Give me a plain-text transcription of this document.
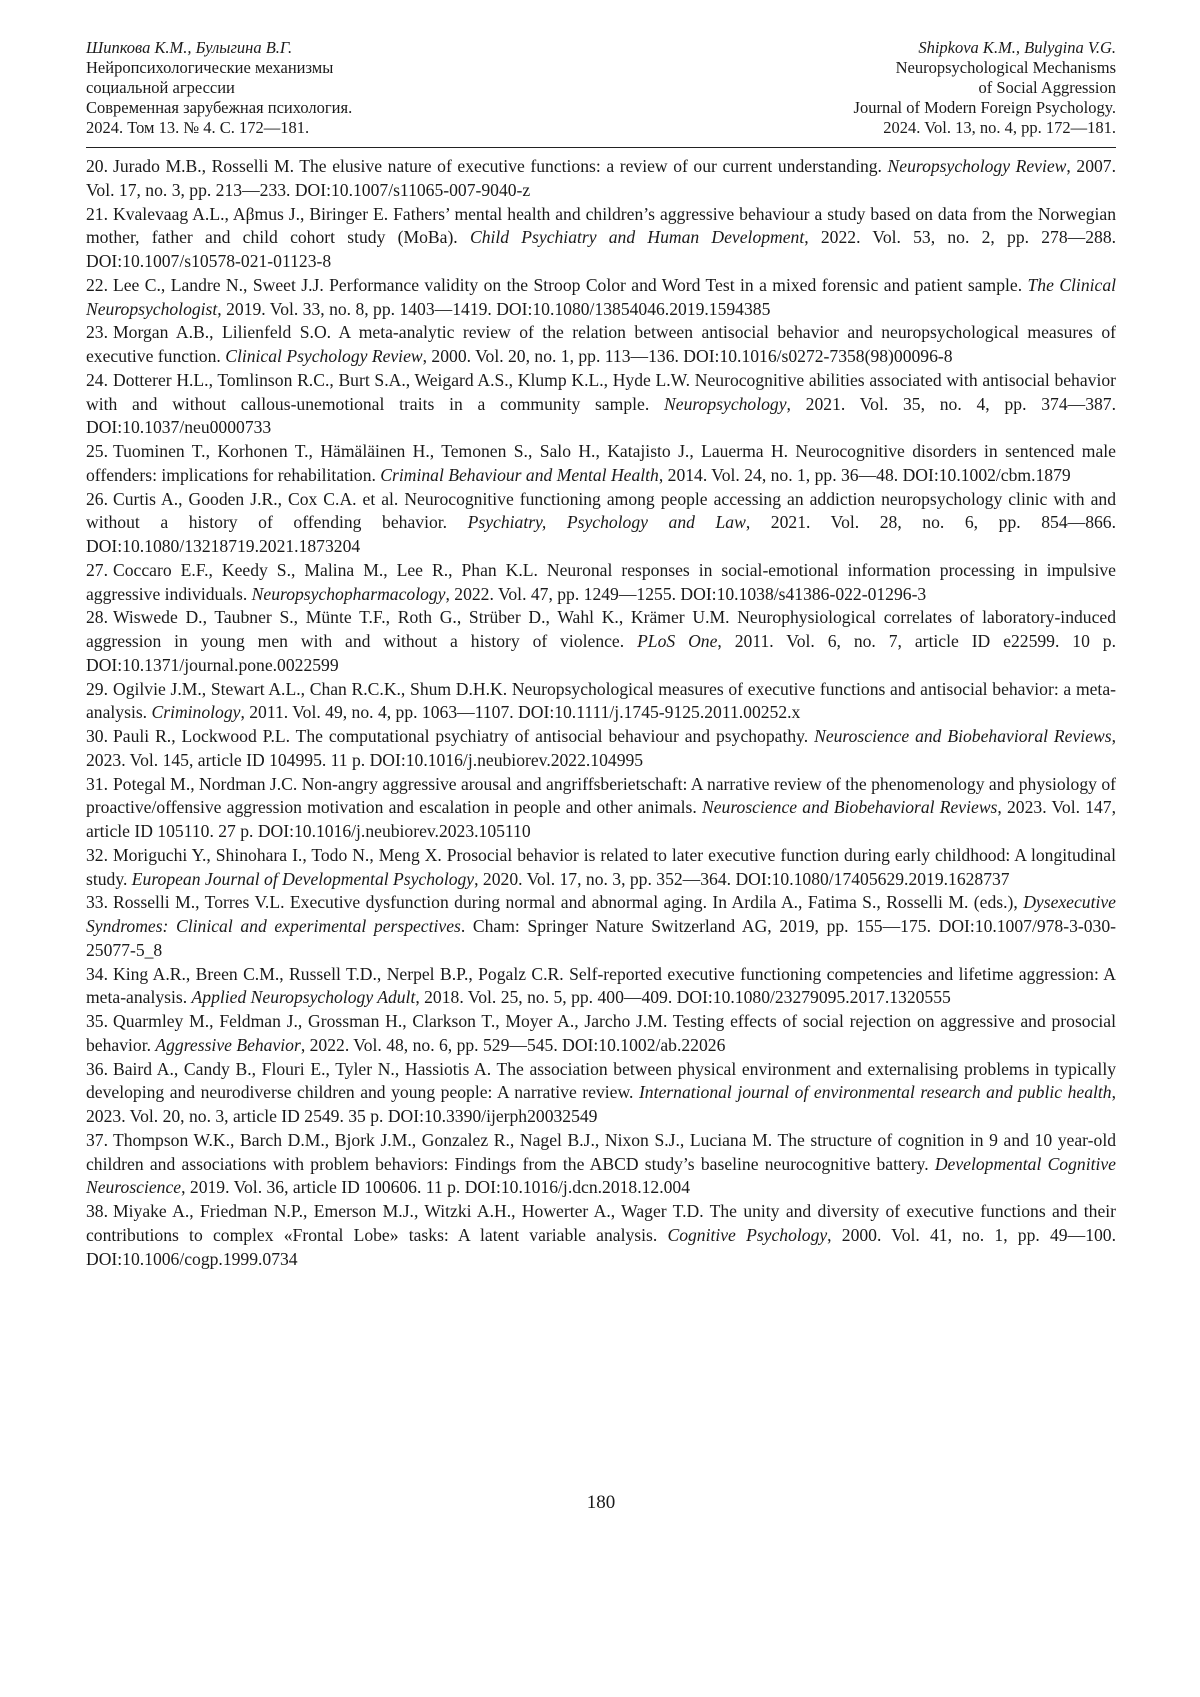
Шипкова К.М., Булыгина В.Г.
Нейропсихологические механизмы
социальной агрессии
Современная зарубежная психология.
2024. Том 13. № 4. С. 172—181.
Shipkova K.M., Bulygina V.G.
Neuropsychological Mechanisms
of Social Aggression
Journal of Modern Foreign Psychology.
2024. Vol. 13, no. 4, pp. 172—181.
20. Jurado M.B., Rosselli M. The elusive nature of executive functions: a review of our current understanding. Neuropsychology Review, 2007. Vol. 17, no. 3, pp. 213—233. DOI:10.1007/s11065-007-9040-z
21. Kvalevaag A.L., Aβmus J., Biringer E. Fathers’ mental health and children’s aggressive behaviour a study based on data from the Norwegian mother, father and child cohort study (MoBa). Child Psychiatry and Human Development, 2022. Vol. 53, no. 2, pp. 278—288. DOI:10.1007/s10578-021-01123-8
22. Lee C., Landre N., Sweet J.J. Performance validity on the Stroop Color and Word Test in a mixed forensic and patient sample. The Clinical Neuropsychologist, 2019. Vol. 33, no. 8, pp. 1403—1419. DOI:10.1080/13854046.2019.1594385
23. Morgan A.B., Lilienfeld S.O. A meta-analytic review of the relation between antisocial behavior and neuropsychological measures of executive function. Clinical Psychology Review, 2000. Vol. 20, no. 1, pp. 113—136. DOI:10.1016/s0272-7358(98)00096-8
24. Dotterer H.L., Tomlinson R.C., Burt S.A., Weigard A.S., Klump K.L., Hyde L.W. Neurocognitive abilities associated with antisocial behavior with and without callous-unemotional traits in a community sample. Neuropsychology, 2021. Vol. 35, no. 4, pp. 374—387. DOI:10.1037/neu0000733
25. Tuominen T., Korhonen T., Hämäläinen H., Temonen S., Salo H., Katajisto J., Lauerma H. Neurocognitive disorders in sentenced male offenders: implications for rehabilitation. Criminal Behaviour and Mental Health, 2014. Vol. 24, no. 1, pp. 36—48. DOI:10.1002/cbm.1879
26. Curtis A., Gooden J.R., Cox C.A. et al. Neurocognitive functioning among people accessing an addiction neuropsychology clinic with and without a history of offending behavior. Psychiatry, Psychology and Law, 2021. Vol. 28, no. 6, pp. 854—866. DOI:10.1080/13218719.2021.1873204
27. Coccaro E.F., Keedy S., Malina M., Lee R., Phan K.L. Neuronal responses in social-emotional information processing in impulsive aggressive individuals. Neuropsychopharmacology, 2022. Vol. 47, pp. 1249—1255. DOI:10.1038/s41386-022-01296-3
28. Wiswede D., Taubner S., Münte T.F., Roth G., Strüber D., Wahl K., Krämer U.M. Neurophysiological correlates of laboratory-induced aggression in young men with and without a history of violence. PLoS One, 2011. Vol. 6, no. 7, article ID e22599. 10 p. DOI:10.1371/journal.pone.0022599
29. Ogilvie J.M., Stewart A.L., Chan R.C.K., Shum D.H.K. Neuropsychological measures of executive functions and antisocial behavior: a meta-analysis. Criminology, 2011. Vol. 49, no. 4, pp. 1063—1107. DOI:10.1111/j.1745-9125.2011.00252.x
30. Pauli R., Lockwood P.L. The computational psychiatry of antisocial behaviour and psychopathy. Neuroscience and Biobehavioral Reviews, 2023. Vol. 145, article ID 104995. 11 p. DOI:10.1016/j.neubiorev.2022.104995
31. Potegal M., Nordman J.C. Non-angry aggressive arousal and angriffsberietschaft: A narrative review of the phenomenology and physiology of proactive/offensive aggression motivation and escalation in people and other animals. Neuroscience and Biobehavioral Reviews, 2023. Vol. 147, article ID 105110. 27 p. DOI:10.1016/j.neubiorev.2023.105110
32. Moriguchi Y., Shinohara I., Todo N., Meng X. Prosocial behavior is related to later executive function during early childhood: A longitudinal study. European Journal of Developmental Psychology, 2020. Vol. 17, no. 3, pp. 352—364. DOI:10.1080/17405629.2019.1628737
33. Rosselli M., Torres V.L. Executive dysfunction during normal and abnormal aging. In Ardila A., Fatima S., Rosselli M. (eds.), Dysexecutive Syndromes: Clinical and experimental perspectives. Cham: Springer Nature Switzerland AG, 2019, pp. 155—175. DOI:10.1007/978-3-030-25077-5_8
34. King A.R., Breen C.M., Russell T.D., Nerpel B.P., Pogalz C.R. Self-reported executive functioning competencies and lifetime aggression: A meta-analysis. Applied Neuropsychology Adult, 2018. Vol. 25, no. 5, pp. 400—409. DOI:10.1080/23279095.2017.1320555
35. Quarmley M., Feldman J., Grossman H., Clarkson T., Moyer A., Jarcho J.M. Testing effects of social rejection on aggressive and prosocial behavior. Aggressive Behavior, 2022. Vol. 48, no. 6, pp. 529—545. DOI:10.1002/ab.22026
36. Baird A., Candy B., Flouri E., Tyler N., Hassiotis A. The association between physical environment and externalising problems in typically developing and neurodiverse children and young people: A narrative review. International journal of environmental research and public health, 2023. Vol. 20, no. 3, article ID 2549. 35 p. DOI:10.3390/ijerph20032549
37. Thompson W.K., Barch D.M., Bjork J.M., Gonzalez R., Nagel B.J., Nixon S.J., Luciana M. The structure of cognition in 9 and 10 year-old children and associations with problem behaviors: Findings from the ABCD study’s baseline neurocognitive battery. Developmental Cognitive Neuroscience, 2019. Vol. 36, article ID 100606. 11 p. DOI:10.1016/j.dcn.2018.12.004
38. Miyake A., Friedman N.P., Emerson M.J., Witzki A.H., Howerter A., Wager T.D. The unity and diversity of executive functions and their contributions to complex «Frontal Lobe» tasks: A latent variable analysis. Cognitive Psychology, 2000. Vol. 41, no. 1, pp. 49—100. DOI:10.1006/cogp.1999.0734
180
